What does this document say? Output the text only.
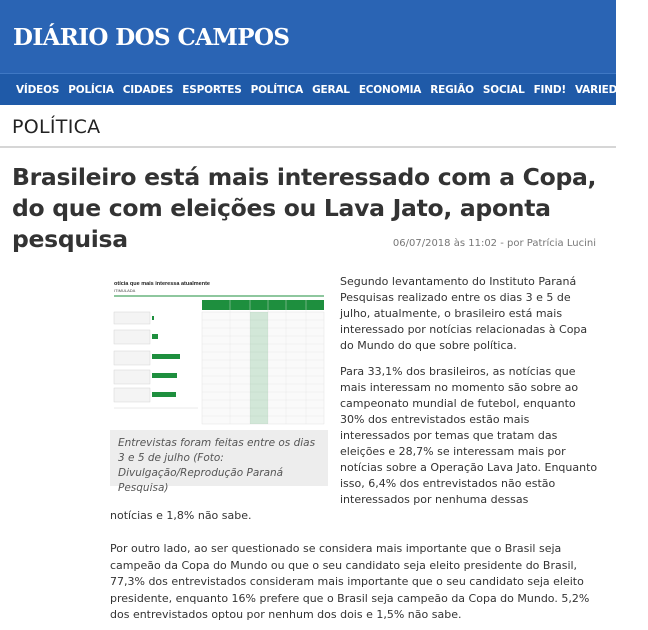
DIÁRIO DOS CAMPOS
VÍDEOS POLÍCIA CIDADES ESPORTES POLÍTICA GERAL ECONOMIA REGIÃO SOCIAL FIND! VARIEDADES
POLÍTICA
Brasileiro está mais interessado com a Copa, do que com eleições ou Lava Jato, aponta pesquisa	06/07/2018 às 11:02 - por Patrícia Lucini
otícia que mais interessa atualmente
ITIMULADA
Entrevistas foram feitas entre os dias 3 e 5 de julho (Foto: Divulgação/Reprodução Paraná Pesquisa)

Segundo levantamento do Instituto Paraná Pesquisas realizado entre os dias 3 e 5 de julho, atualmente, o brasileiro está mais interessado por notícias relacionadas à Copa do Mundo do que sobre política.

Para 33,1% dos brasileiros, as notícias que mais interessam no momento são sobre ao campeonato mundial de futebol, enquanto 30% dos entrevistados estão mais interessados por temas que tratam das eleições e 28,7% se interessam mais por notícias sobre a Operação Lava Jato. Enquanto isso, 6,4% dos entrevistados não estão interessados por nenhuma dessas

notícias e 1,8% não sabe.

Por outro lado, ao ser questionado se considera mais importante que o Brasil seja campeão da Copa do Mundo ou que o seu candidato seja eleito presidente do Brasil, 77,3% dos entrevistados consideram mais importante que o seu candidato seja eleito presidente, enquanto 16% prefere que o Brasil seja campeão da Copa do Mundo. 5,2% dos entrevistados optou por nenhum dos dois e 1,5% não sabe.
